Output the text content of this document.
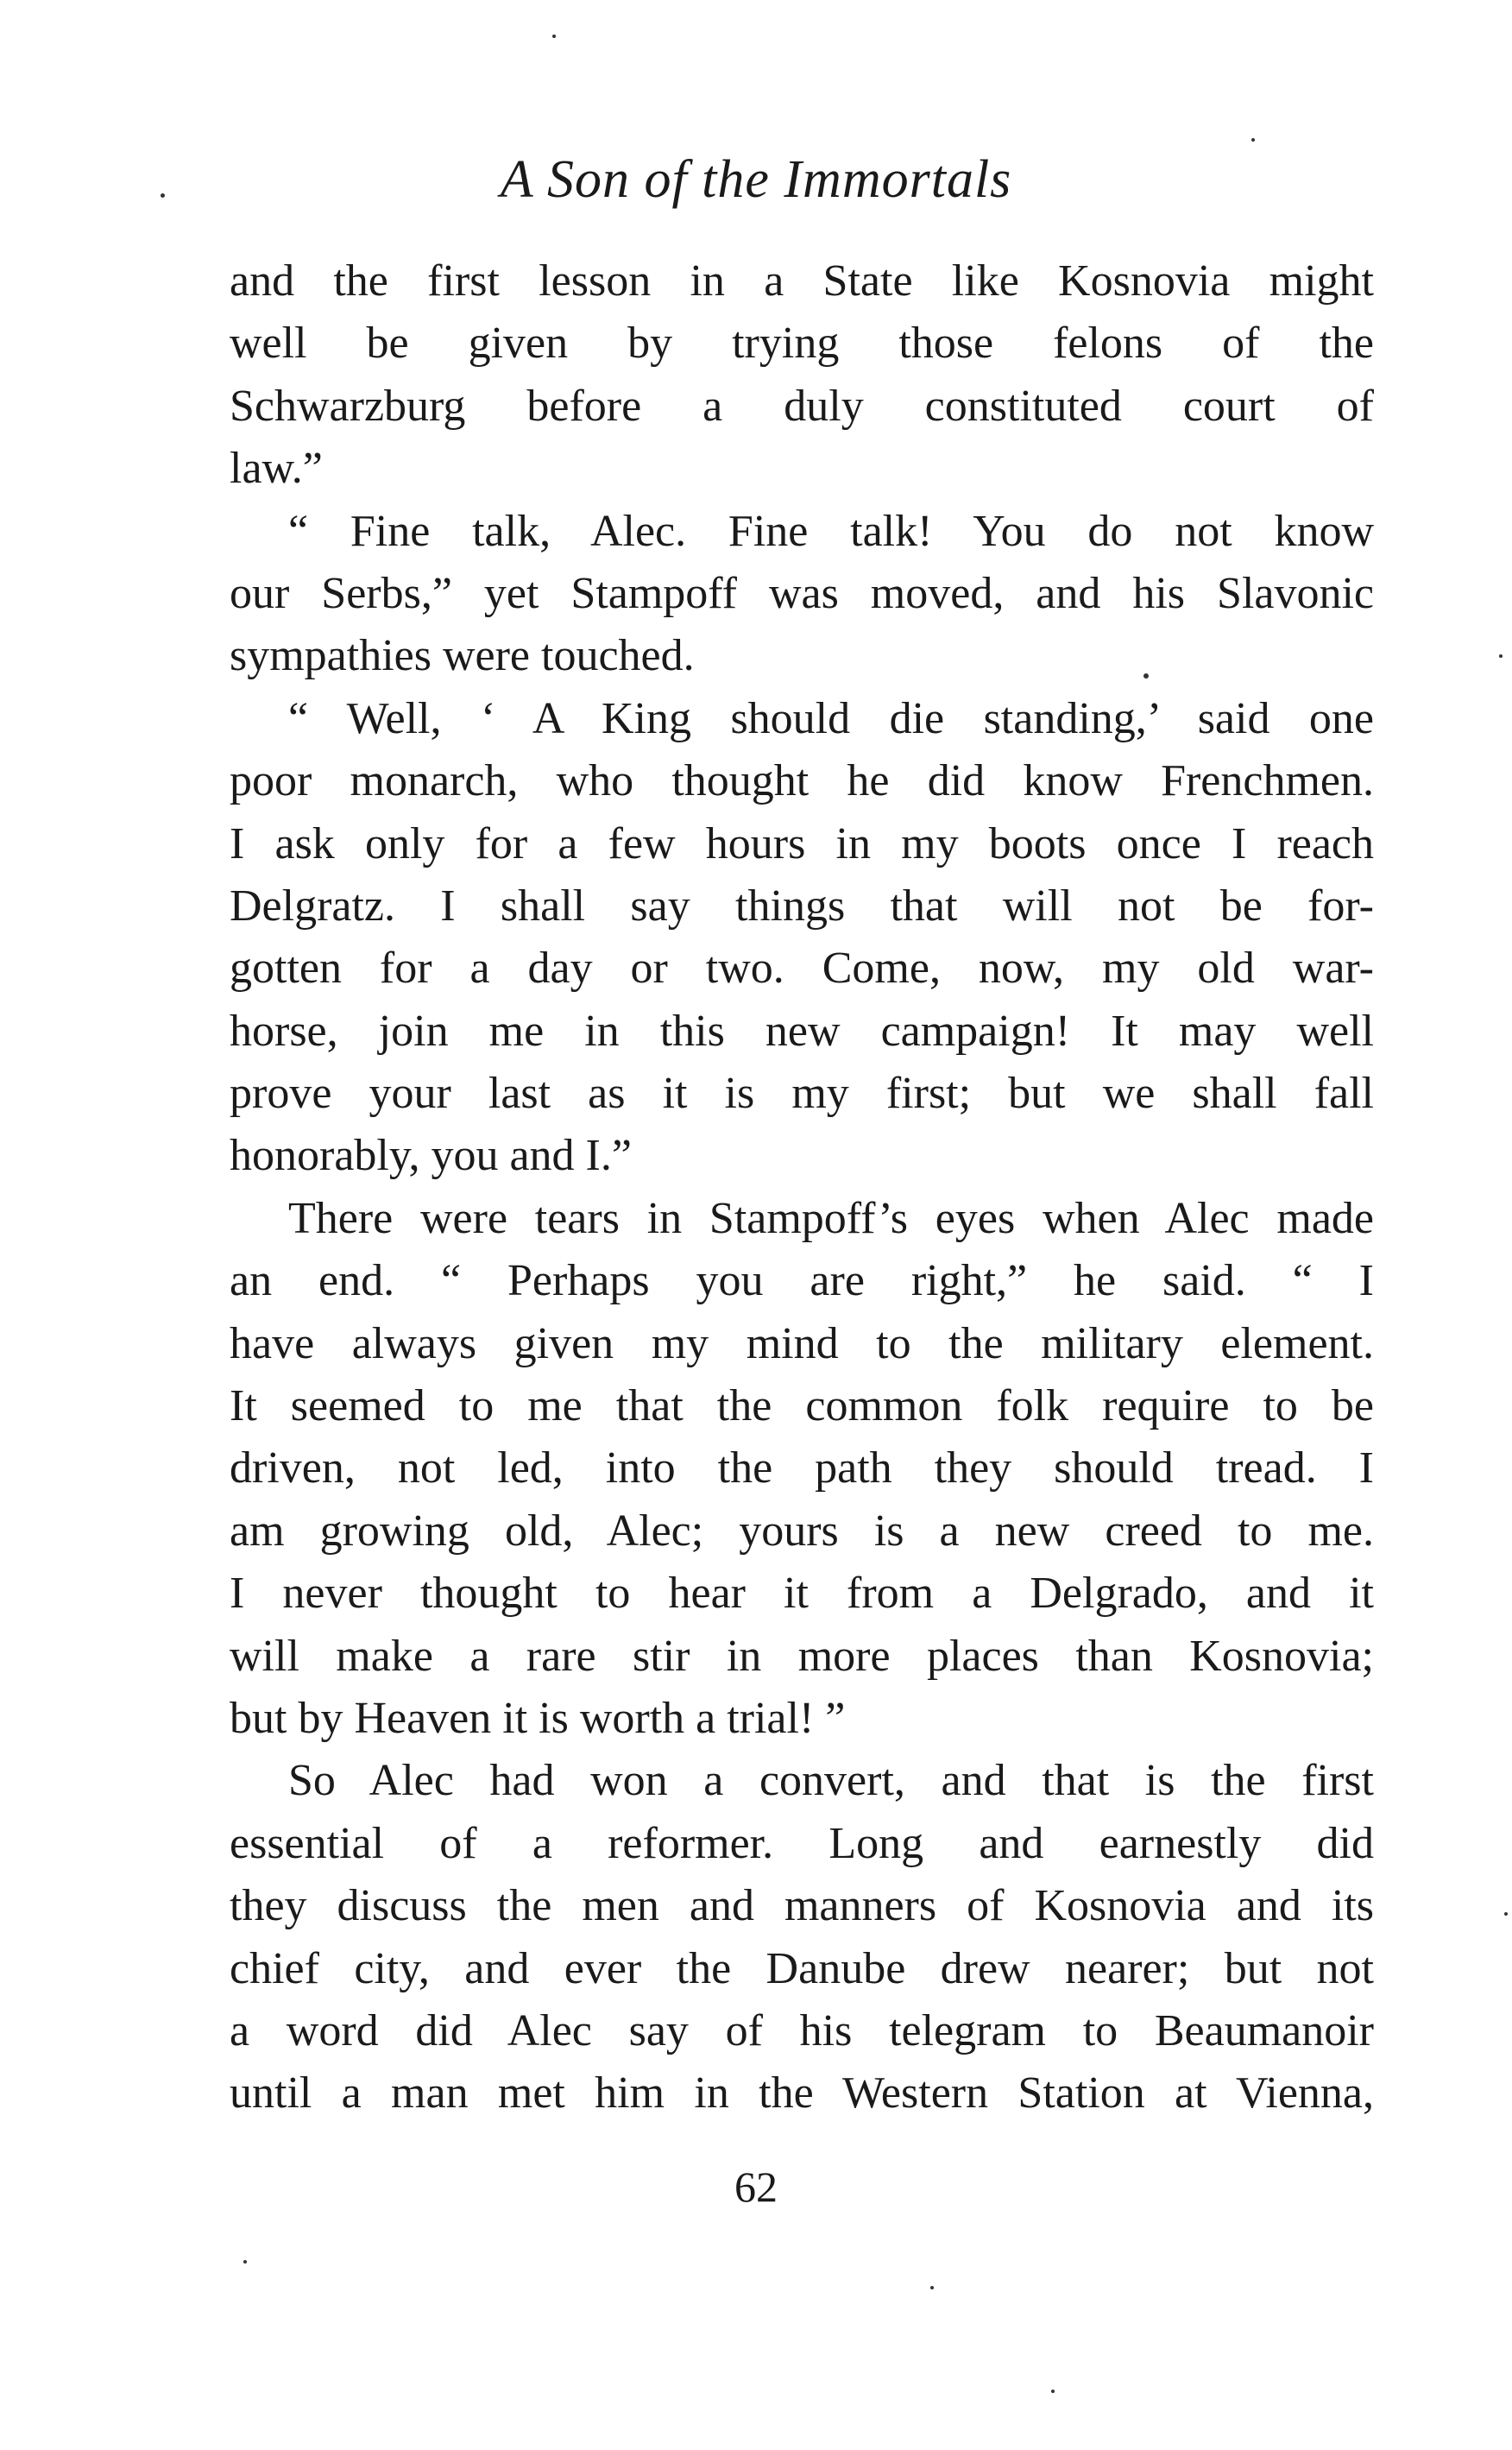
A Son of the Immortals
and the first lesson in a State like Kosnovia might
well be given by trying those felons of the
Schwarzburg before a duly constituted court of
law.”
“ Fine talk, Alec. Fine talk! You do not know
our Serbs,” yet Stampoff was moved, and his Slavonic
sympathies were touched.
“ Well, ‘ A King should die standing,’ said one
poor monarch, who thought he did know Frenchmen.
I ask only for a few hours in my boots once I reach
Delgratz. I shall say things that will not be for-
gotten for a day or two. Come, now, my old war-
horse, join me in this new campaign! It may well
prove your last as it is my first; but we shall fall
honorably, you and I.”
There were tears in Stampoff’s eyes when Alec made
an end. “ Perhaps you are right,” he said. “ I
have always given my mind to the military element.
It seemed to me that the common folk require to be
driven, not led, into the path they should tread. I
am growing old, Alec; yours is a new creed to me.
I never thought to hear it from a Delgrado, and it
will make a rare stir in more places than Kosnovia;
but by Heaven it is worth a trial! ”
So Alec had won a convert, and that is the first
essential of a reformer. Long and earnestly did
they discuss the men and manners of Kosnovia and its
chief city, and ever the Danube drew nearer; but not
a word did Alec say of his telegram to Beaumanoir
until a man met him in the Western Station at Vienna,
62
